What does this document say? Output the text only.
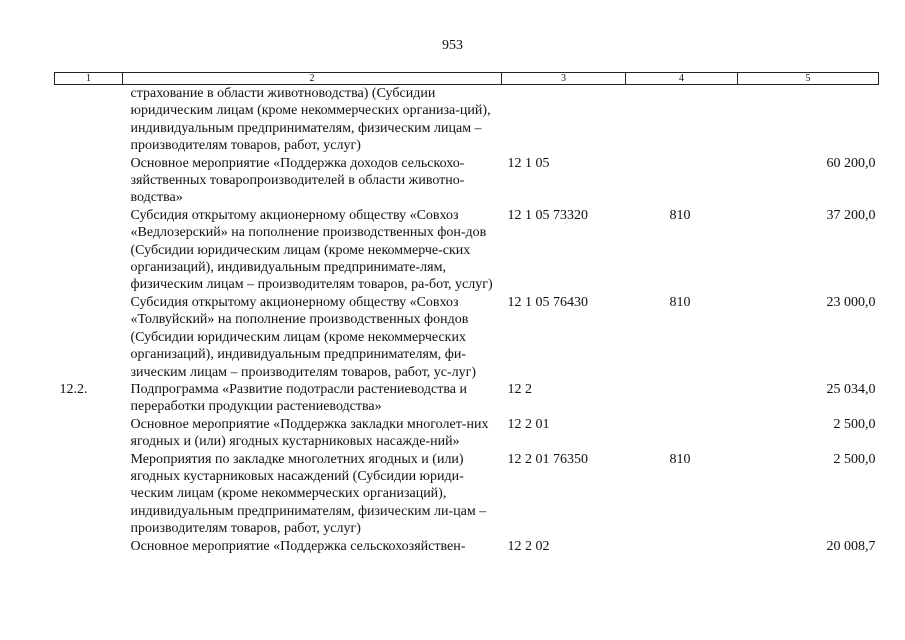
953
1	2	3	4	5
	страхование в области животноводства) (Субсидии юридическим лицам (кроме некоммерческих организа-ций), индивидуальным предпринимателям, физическим лицам – производителям товаров, работ, услуг)			
	Основное мероприятие «Поддержка доходов сельскохо-зяйственных товаропроизводителей в области животно-водства»	12 1 05		60 200,0
	Субсидия открытому акционерному обществу «Совхоз «Ведлозерский» на пополнение производственных фон-дов (Субсидии юридическим лицам (кроме некоммерче-ских организаций), индивидуальным предпринимате-лям, физическим лицам – производителям товаров, ра-бот, услуг)	12 1 05 73320	810	37 200,0
	Субсидия открытому акционерному обществу «Совхоз «Толвуйский» на пополнение производственных фондов (Субсидии юридическим лицам (кроме некоммерческих организаций), индивидуальным предпринимателям, фи-зическим лицам – производителям товаров, работ, ус-луг)	12 1 05 76430	810	23 000,0
12.2.	Подпрограмма «Развитие подотрасли растениеводства и переработки продукции растениеводства»	12 2		25 034,0
	Основное мероприятие «Поддержка закладки многолет-них ягодных и (или) ягодных кустарниковых насажде-ний»	12 2 01		2 500,0
	Мероприятия по закладке многолетних ягодных и (или) ягодных кустарниковых насаждений (Субсидии юриди-ческим лицам (кроме некоммерческих организаций), индивидуальным предпринимателям, физическим ли-цам – производителям товаров, работ, услуг)	12 2 01 76350	810	2 500,0
	Основное мероприятие «Поддержка сельскохозяйствен-	12 2 02		20 008,7
